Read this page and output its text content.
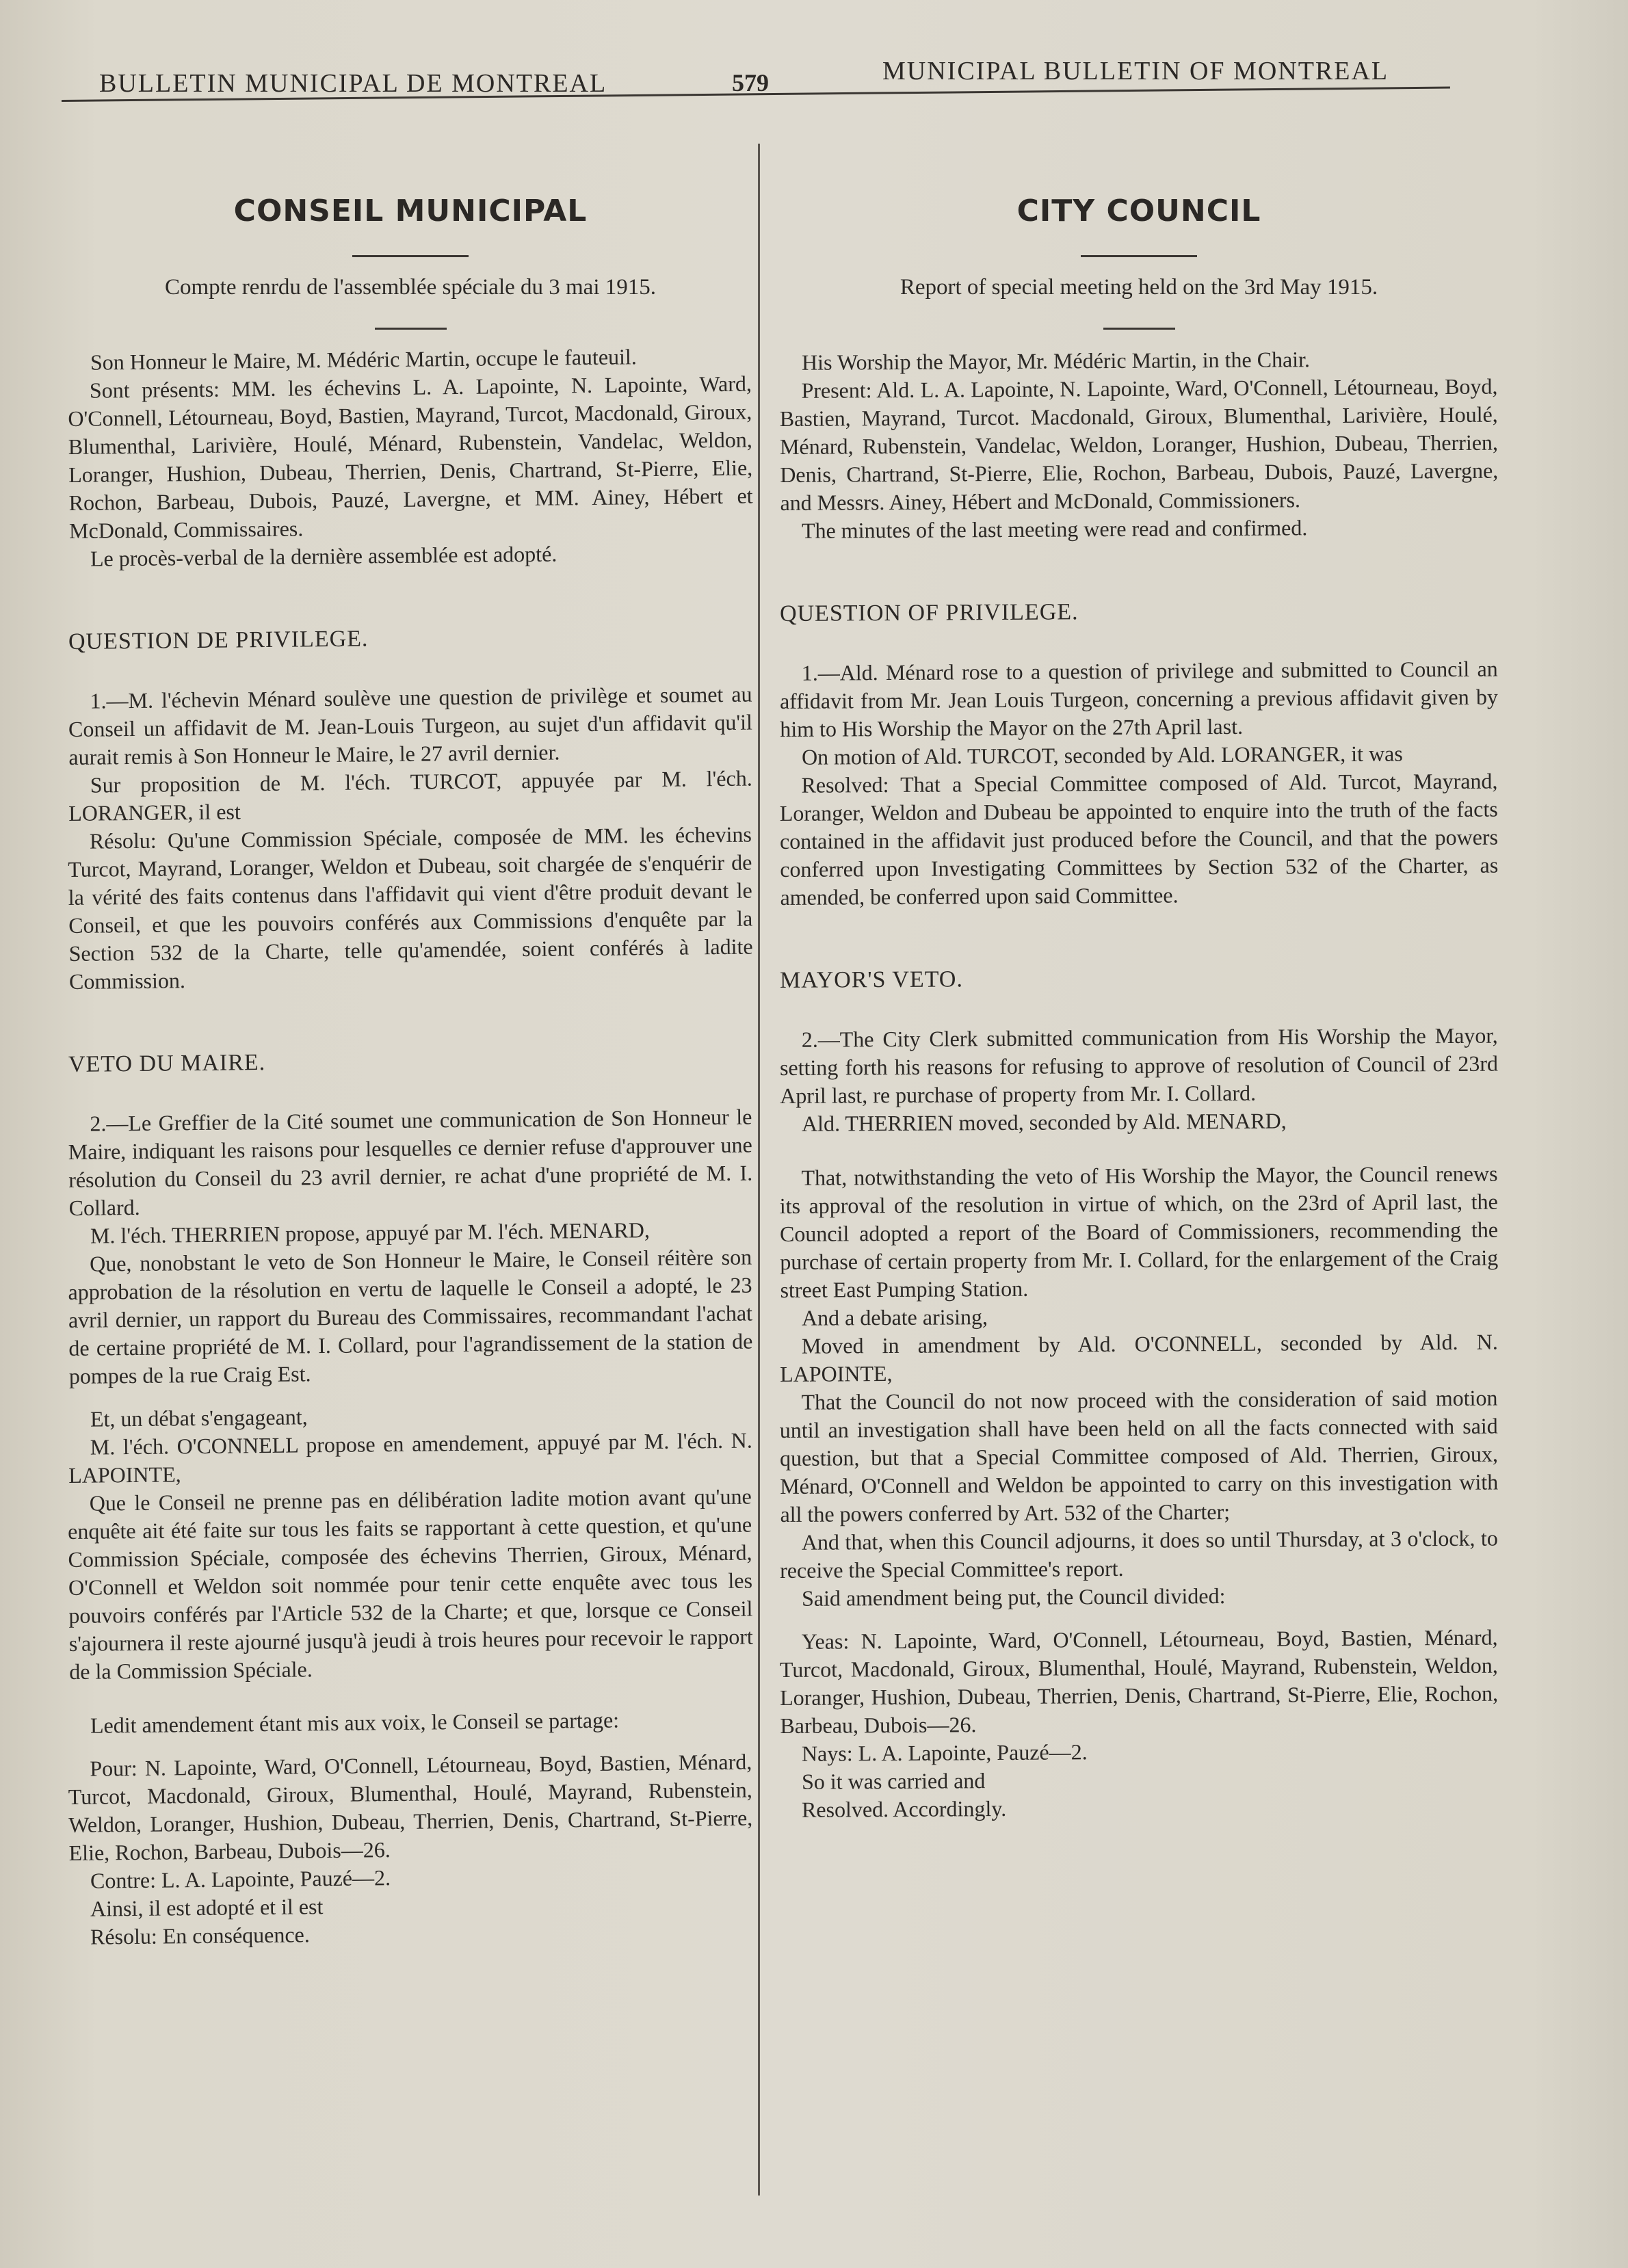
BULLETIN MUNICIPAL DE MONTREAL	579	MUNICIPAL BULLETIN OF MONTREAL
CONSEIL MUNICIPAL
Compte renrdu de l'assemblée spéciale du 3 mai 1915.

Son Honneur le Maire, M. Médéric Martin, occupe le fauteuil.

Sont présents: MM. les échevins L. A. Lapointe, N. Lapointe, Ward, O'Connell, Létourneau, Boyd, Bastien, Mayrand, Turcot, Macdonald, Giroux, Blumenthal, Larivière, Houlé, Ménard, Rubenstein, Vandelac, Weldon, Loranger, Hushion, Dubeau, Therrien, Denis, Chartrand, St-Pierre, Elie, Rochon, Barbeau, Dubois, Pauzé, Lavergne, et MM. Ainey, Hébert et McDonald, Commissaires.

Le procès-verbal de la dernière assemblée est adopté.

QUESTION DE PRIVILEGE.

1.—M. l'échevin Ménard soulève une question de privilège et soumet au Conseil un affidavit de M. Jean-Louis Turgeon, au sujet d'un affidavit qu'il aurait remis à Son Honneur le Maire, le 27 avril dernier.

Sur proposition de M. l'éch. TURCOT, appuyée par M. l'éch. LORANGER, il est

Résolu: Qu'une Commission Spéciale, composée de MM. les échevins Turcot, Mayrand, Loranger, Weldon et Dubeau, soit chargée de s'enquérir de la vérité des faits contenus dans l'affidavit qui vient d'être produit devant le Conseil, et que les pouvoirs conférés aux Commissions d'enquête par la Section 532 de la Charte, telle qu'amendée, soient conférés à ladite Commission.

VETO DU MAIRE.

2.—Le Greffier de la Cité soumet une communication de Son Honneur le Maire, indiquant les raisons pour lesquelles ce dernier refuse d'approuver une résolution du Conseil du 23 avril dernier, re achat d'une propriété de M. I. Collard.

M. l'éch. THERRIEN propose, appuyé par M. l'éch. MENARD,

Que, nonobstant le veto de Son Honneur le Maire, le Conseil réitère son approbation de la résolution en vertu de laquelle le Conseil a adopté, le 23 avril dernier, un rapport du Bureau des Commissaires, recommandant l'achat de certaine propriété de M. I. Collard, pour l'agrandissement de la station de pompes de la rue Craig Est.

Et, un débat s'engageant,

M. l'éch. O'CONNELL propose en amendement, appuyé par M. l'éch. N. LAPOINTE,

Que le Conseil ne prenne pas en délibération ladite motion avant qu'une enquête ait été faite sur tous les faits se rapportant à cette question, et qu'une Commission Spéciale, composée des échevins Therrien, Giroux, Ménard, O'Connell et Weldon soit nommée pour tenir cette enquête avec tous les pouvoirs conférés par l'Article 532 de la Charte; et que, lorsque ce Conseil s'ajournera il reste ajourné jusqu'à jeudi à trois heures pour recevoir le rapport de la Commission Spéciale.

Ledit amendement étant mis aux voix, le Conseil se partage:

Pour: N. Lapointe, Ward, O'Connell, Létourneau, Boyd, Bastien, Ménard, Turcot, Macdonald, Giroux, Blumenthal, Houlé, Mayrand, Rubenstein, Weldon, Loranger, Hushion, Dubeau, Therrien, Denis, Chartrand, St-Pierre, Elie, Rochon, Barbeau, Dubois—26.

Contre: L. A. Lapointe, Pauzé—2.

Ainsi, il est adopté et il est

Résolu: En conséquence.

CITY COUNCIL
Report of special meeting held on the 3rd May 1915.

His Worship the Mayor, Mr. Médéric Martin, in the Chair.

Present: Ald. L. A. Lapointe, N. Lapointe, Ward, O'Connell, Létourneau, Boyd, Bastien, Mayrand, Turcot. Macdonald, Giroux, Blumenthal, Larivière, Houlé, Ménard, Rubenstein, Vandelac, Weldon, Loranger, Hushion, Dubeau, Therrien, Denis, Chartrand, St-Pierre, Elie, Rochon, Barbeau, Dubois, Pauzé, Lavergne, and Messrs. Ainey, Hébert and McDonald, Commissioners.

The minutes of the last meeting were read and confirmed.

QUESTION OF PRIVILEGE.

1.—Ald. Ménard rose to a question of privilege and submitted to Council an affidavit from Mr. Jean Louis Turgeon, concerning a previous affidavit given by him to His Worship the Mayor on the 27th April last.

On motion of Ald. TURCOT, seconded by Ald. LORANGER, it was

Resolved: That a Special Committee composed of Ald. Turcot, Mayrand, Loranger, Weldon and Dubeau be appointed to enquire into the truth of the facts contained in the affidavit just produced before the Council, and that the powers conferred upon Investigating Committees by Section 532 of the Charter, as amended, be conferred upon said Committee.

MAYOR'S VETO.

2.—The City Clerk submitted communication from His Worship the Mayor, setting forth his reasons for refusing to approve of resolution of Council of 23rd April last, re purchase of property from Mr. I. Collard.

Ald. THERRIEN moved, seconded by Ald. MENARD,

That, notwithstanding the veto of His Worship the Mayor, the Council renews its approval of the resolution in virtue of which, on the 23rd of April last, the Council adopted a report of the Board of Commissioners, recommending the purchase of certain property from Mr. I. Collard, for the enlargement of the Craig street East Pumping Station.

And a debate arising,

Moved in amendment by Ald. O'CONNELL, seconded by Ald. N. LAPOINTE,

That the Council do not now proceed with the consideration of said motion until an investigation shall have been held on all the facts connected with said question, but that a Special Committee composed of Ald. Therrien, Giroux, Ménard, O'Connell and Weldon be appointed to carry on this investigation with all the powers conferred by Art. 532 of the Charter;

And that, when this Council adjourns, it does so until Thursday, at 3 o'clock, to receive the Special Committee's report.

Said amendment being put, the Council divided:

Yeas: N. Lapointe, Ward, O'Connell, Létourneau, Boyd, Bastien, Ménard, Turcot, Macdonald, Giroux, Blumenthal, Houlé, Mayrand, Rubenstein, Weldon, Loranger, Hushion, Dubeau, Therrien, Denis, Chartrand, St-Pierre, Elie, Rochon, Barbeau, Dubois—26.

Nays: L. A. Lapointe, Pauzé—2.

So it was carried and

Resolved. Accordingly.
